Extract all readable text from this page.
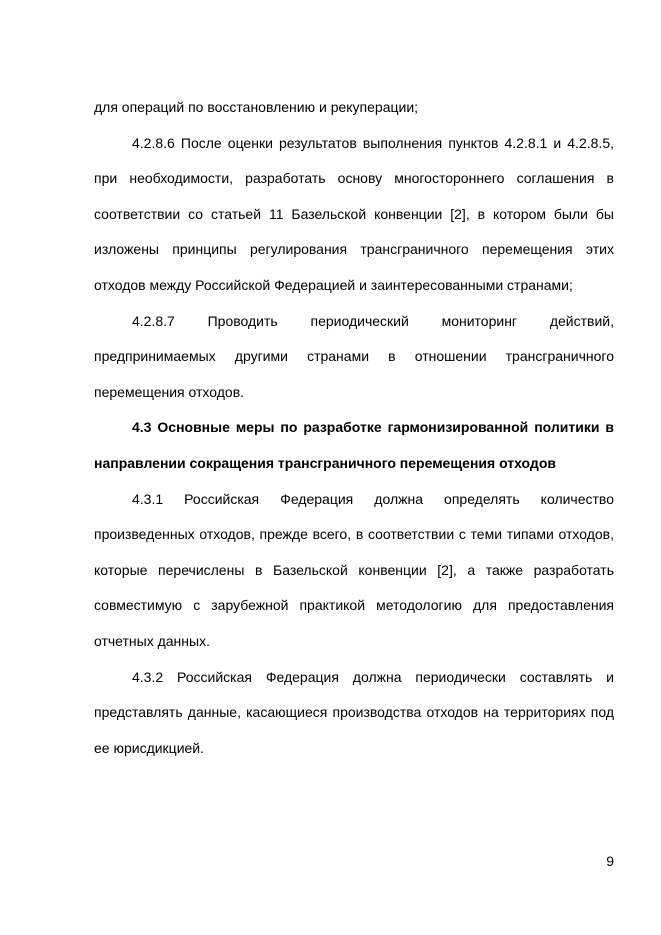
для операций по восстановлению и рекуперации;

4.2.8.6 После оценки результатов выполнения пунктов 4.2.8.1 и 4.2.8.5, при необходимости, разработать основу многостороннего соглашения в соответствии со статьей 11 Базельской конвенции [2], в котором были бы изложены принципы регулирования трансграничного перемещения этих отходов между Российской Федерацией и заинтересованными странами;

4.2.8.7 Проводить периодический мониторинг действий, предпринимаемых другими странами в отношении трансграничного перемещения отходов.

4.3 Основные меры по разработке гармонизированной политики в направлении сокращения трансграничного перемещения отходов

4.3.1 Российская Федерация должна определять количество произведенных отходов, прежде всего, в соответствии с теми типами отходов, которые перечислены в Базельской конвенции [2], а также разработать совместимую с зарубежной практикой методологию для предоставления отчетных данных.

4.3.2 Российская Федерация должна периодически составлять и представлять данные, касающиеся производства отходов на территориях под ее юрисдикцией.

9
